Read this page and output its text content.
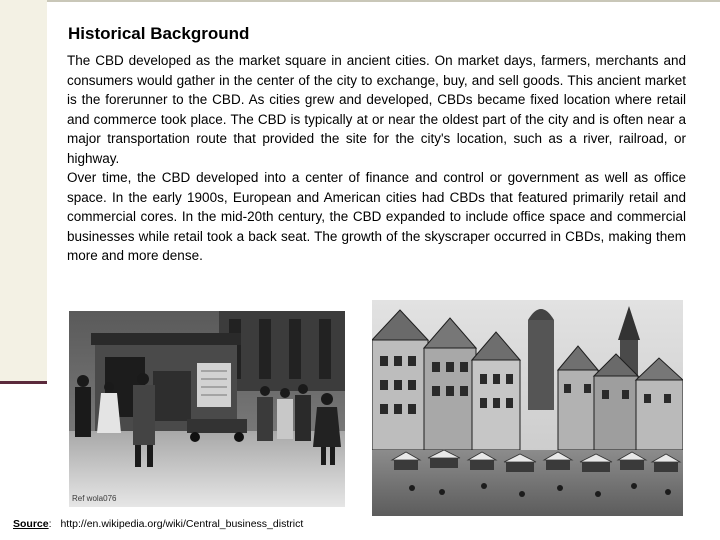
Historical Background

The CBD developed as the market square in ancient cities. On market days, farmers, merchants and consumers would gather in the center of the city to exchange, buy, and sell goods. This ancient market is the forerunner to the CBD. As cities grew and developed, CBDs became fixed location where retail and commerce took place. The CBD is typically at or near the oldest part of the city and is often near a major transportation route that provided the site for the city's location, such as a river, railroad, or highway.

Over time, the CBD developed into a center of finance and control or government as well as office space. In the early 1900s, European and American cities had CBDs that featured primarily retail and commercial cores. In the mid-20th century, the CBD expanded to include office space and commercial businesses while retail took a back seat. The growth of the skyscraper occurred in CBDs, making them more and more dense.

Ref wola076
Source: http://en.wikipedia.org/wiki/Central_business_district
